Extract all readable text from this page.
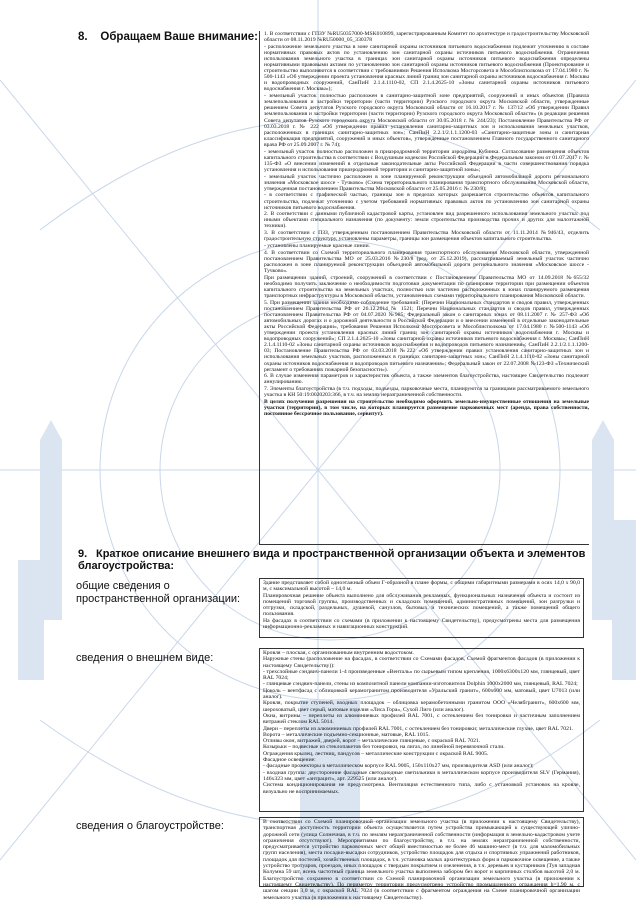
8. Обращаем Ваше внимание: 1. В соответствии с ГПЗУ №RU50357000-MSK010899, зарегистрированным Комитет по архитектуре и градостроительству Московской области от 08.11.2019 №RU50000_05_330378

- расположение земельного участка в зоне санитарной охраны источников питьевого водоснабжения подлежит уточнению в составе нормативных правовых актов по установлению зон санитарной охраны источников питьевого водоснабжения. Ограничения использования земельного участка в границах зон санитарной охраны источников питьевого водоснабжения определены нормативными правовыми актами по установлению зон санитарной охраны источников питьевого водоснабжения (Проектирование и строительство выполняются в соответствии с требованиями Решения Исполкома Мосгорсовета и Мособлисполкома от 17.04.1980 г. № 500-1143 «Об утверждении проекта установления красных линий границ зон санитарной охраны источников водоснабжения г. Москвы и водопроводных сооружений, СанПиН 2.1.4.1110-02, СП 2.1.4.2625-10 «Зоны санитарной охраны источников питьевого водоснабжения г. Москвы»);

- земельный участок полностью расположен в санитарно-защитной зоне предприятий, сооружений и иных объектов (Правила землепользования и застройки территории (части территории) Рузского городского округа Московской области, утвержденные решением Совета депутатов Рузского городского округа Московской области от 16.10.2017 г. № 137/12 «Об утверждении Правил землепользования и застройки территории (части территории) Рузского городского округа Московской области» (в редакции решения Совета депутатов Рузского городского округа Московской области от 30.05.2018 г. № 244/23); Постановление Правительства РФ от 03.03.2018 г. № 222 «Об утверждении правил установления санитарно-защитных зон и использования земельных участков, расположенных в границах санитарно-защитных зон»; СанПиН 2.2.1/2.1.1.1200-03 «Санитарно-защитные зоны и санитарная классификация предприятий, сооружений и иных объектов», утвержденные постановлением Главного государственного санитарного врача РФ от 25.09.2007 г. № 74);

- земельный участок полностью расположен в приаэродромной территории аэродрома Кубинка. Согласование размещения объектов капитального строительства в соответствии с Воздушным кодексом Российской Федерации и Федеральным законом от 01.07.2017 г. № 135-ФЗ «О внесении изменений в отдельные законодательные акты Российской Федерации в части совершенствования порядка установления и использования приаэродромной территории и санитарно-защитной зоны»;

- земельный участок частично расположен в зоне планируемой реконструкции объездной автомобильной дороги регионального значения «Московское шоссе - Тучково» (Схема территориального планирования транспортного обслуживания Московской области, утвержденная постановлением Правительства Московской области от 25.05.2016 г. № 230/8);

- в соответствии с графической частью, границы зон в пределах которых разрешается строительство объектов капитального строительства, подлежат уточнению с учетом требований нормативных правовых актов по установлению зон санитарной охраны источников питьевого водоснабжения.

2. В соответствии с данными публичной кадастровой карты, установлен вид разрешенного использования земельного участка: под иными объектами специального назначения (по документу: земли строительства производства прочих и других для малоэтажной техники).

3. В соответствии с ПЗЗ, утвержденным постановлением Правительства Московской области от 11.11.2014 №946/43, отделить градостроительную структуру, установлены параметры, границы зон размещения объектов капитального строительства.

- установлены планируемые красные линии.

4. В соответствии со Схемой территориального планирования транспортного обслуживания Московской области, утвержденной постановлением Правительства МО от 25.03.2016 №230/8 (ред. от 25.12.2019), рассматриваемый земельный участок частично расположен в зоне планируемой реконструкции объездной автомобильной дороги регионального значения «Московское шоссе - Тучково».

При размещении зданий, строений, сооружений в соответствии с Постановлением Правительства МО от 14.09.2018 №655/32 необходимо получить заключение о необходимости подготовки документации по планировке территории при размещении объектов капитального строительства на земельных участках, полностью или частично расположенных в зонах планируемого размещения транспортных инфраструктуры в Московской области, установленных схемами территориального планирования Московской области.

5. При размещении здания необходимо соблюдение требований: (Перечни Национальных стандартов и сводов правил, утвержденных постановлением Правительства РФ от 26.12.2014 № 1521; Перечни Национальных стандартов и сводов правил, утвержденных постановлением Правительства РФ от 04.07.2020 №985; Федеральный закон о санитарных зонах от 08.11.2007 г. № 257-ФЗ «Об автомобильных дорогах и о дорожной деятельности в Российской Федерации и о внесении изменений в отдельные законодательные акты Российской Федерации», требования Решения Исполкома Мосгорсовета и Мособлисполкома от 17.04.1980 г. №500-1143 «Об утверждении проекта установления красных линий границ зон санитарной охраны источников водоснабжения г. Москвы и водопроводных сооружений»; СП 2.1.4.2625-10 «Зоны санитарной охраны источников питьевого водоснабжения г. Москвы»; СанПиН 2.1.4.1110-02 «Зоны санитарной охраны источников водоснабжения и водопроводов питьевого назначения»; СанПиН 2.2.1/2.1.1.1200-03; Постановление Правительства РФ от 03.03.2018 №222 «Об утверждении правил установления санитарно-защитных зон и использования земельных участков, расположенных в границах санитарно-защитных зон»; СанПиН 2.1.4.1110-02 «Зоны санитарной охраны источников водоснабжения и водопроводов питьевого назначения»; Федеральный закон от 22.07.2008 №123-ФЗ «Технический регламент о требованиях пожарной безопасности»).

6. В случае изменения параметров и характеристик объекта, а также элементов благоустройства, настоящее Свидетельство подлежит аннулированию.

7. Элементы благоустройства (в т.ч. подходы, подъезды, парковочные места, планируются за границами рассматриваемого земельного участка в КН 50:19:0020203:366, в т.ч. на землях неразграниченной собственности.

В целях получения разрешения на строительство необходимо оформить земельно-имущественные отношения на земельные участки (территории), в том числе, на которых планируется размещение парковочных мест (аренда, права собственности, постоянное бессрочное пользование, сервитут).

9. Краткое описание внешнего вида и пространственной организации объекта и элементов благоустройства:
общие сведения о пространственной организации:

Здание представляет собой одноэтажный объем Г-образной в плане формы, с общими габаритными размерами в осях 14,0 x 90,0 м, с максимальной высотой – 14,0 м.

Планировочная решение объекта выполнено для обслуживания рекламных, функциональных назначения объекта и состоит из помещений торговой группы, производственных и складских помещений, административных помещений, зон разгрузки и отгрузки, складской, раздельных, душевой, санузлов, бытовых и технических помещений, а также помещений общего пользования.

На фасадах в соответствии со схемами (в приложении к настоящему Свидетельству), предусмотрены места для размещения информационно-рекламных и навигационных конструкций.

сведения о внешнем виде:	Кровля – плоская, с организованным внутренним водостоком.

Наружные стены (расположение на фасадах, в соответствии со Схемами фасадов, Схемой фрагментов фасадов (в приложении к настоящему Свидетельству)):

- трехслойные сэндвич-панели 1-4 произведенные «Венталь» по сырьевым типом крепления, 1000x6300x120 мм, глянцевый, цвет RAL 7024;

- глянцевые сэндвич-панели, стены из композитной панели компании-изготовителя Dolphin 1000x2000 мм, глянцевый, RAL 7024;

Цоколь – вентфасад с облицовкой керамогранитом производителя «Уральский гранит», 600x600 мм, матовый, цвет U7013 (или аналог).

Кровля, покрытие ступеней, входных площадок – облицовка керамобетонными гранитом ООО «Челябгранит», 600x600 мм, шероховатый, цвет серый, матовые изделия «Лиса Гора», Сухой Лиго (или аналог).

Окна, витрины – переплеты из алюминиевых профилей RAL 7001, с остеклением без тонировки и частичным заполнением витражей стеклом RAL 5014.

Двери – переплеты из алюминиевых профилей RAL 7001, с остеклением без тонировки; металлические глухие, цвет RAL 7021.

Ворота – металлические подъемно-секционные, матовые, RAL 1015.

Отливы окон, витражей, дверей, ворот – металлические глянцевые, с окраской RAL 7021.

Козырьки – подвесные из стеклопакетов без тонировки, на лигах, по линейной перевязочной стали.

Ограждения крылец, лестниц, пандусов – металлические конструкции с окраской RAL 9005.

Фасадное освещение:

- фасадные прожекторы в металлическом корпусе RAL 9005, 150x110x27 мм, производителя ASD (или аналог);

- входная группа: двусторонние фасадные светодиодные светильники в металлическом корпусе производителя SLV (Германия), 146x323 мм, цвет «антрацит», арт. 229525 (или аналог).

Система кондиционирования не предусмотрена. Вентиляция естественного типа, либо с установкой установок на кровле, визуально не воспринимаемых.

сведения о благоустройстве:	В соответствии со Схемой планировочной организации земельного участка (в приложении к настоящему Свидетельству), транспортная доступность территории объекта осуществляется путем устройства примыкающей к существующей улично-дорожной сети (улица Солнечная, в т.ч. по землям неразграниченной собственности (информация в земельно-кадастровом учете ограничения отсутствуют). Мероприятиями по благоустройству, в т.ч. на землях неразграниченной собственности, предусматривается устройство парковочных мест общей вместимостью не более 46 машино-мест (в т.ч. для маломобильных групп населения), места посадки-высадки сотрудников, устройство площадок для отдыха и спортивных упражнений работников, площадок для постелей, хозяйственных площадок, в т.ч. установка малых архитектурных форм и парковочное освещение, а также устройство тротуаров, проездов, иных площадок с твердым покрытием и озеленения, в т.ч. деревьев и кустарников (Туя западная Колумна 59 шт, ясень частотный граница земельного участка выполнена забором без ворот и кирпичных столбов высотой 2,0 м. Благоустройство сохранено в соответствии со Схемой планировочной организации земельного участка (в приложении к настоящему Свидетельству). По периметру территории предусмотрено устройство промышленного ограждения h=1,90 м, с шагом секции 3,0 м, с окраской RAL 7024 (в соответствии с фрагментом ограждения на Схеме планировочной организации земельного участка (в приложении к настоящему Свидетельству).
